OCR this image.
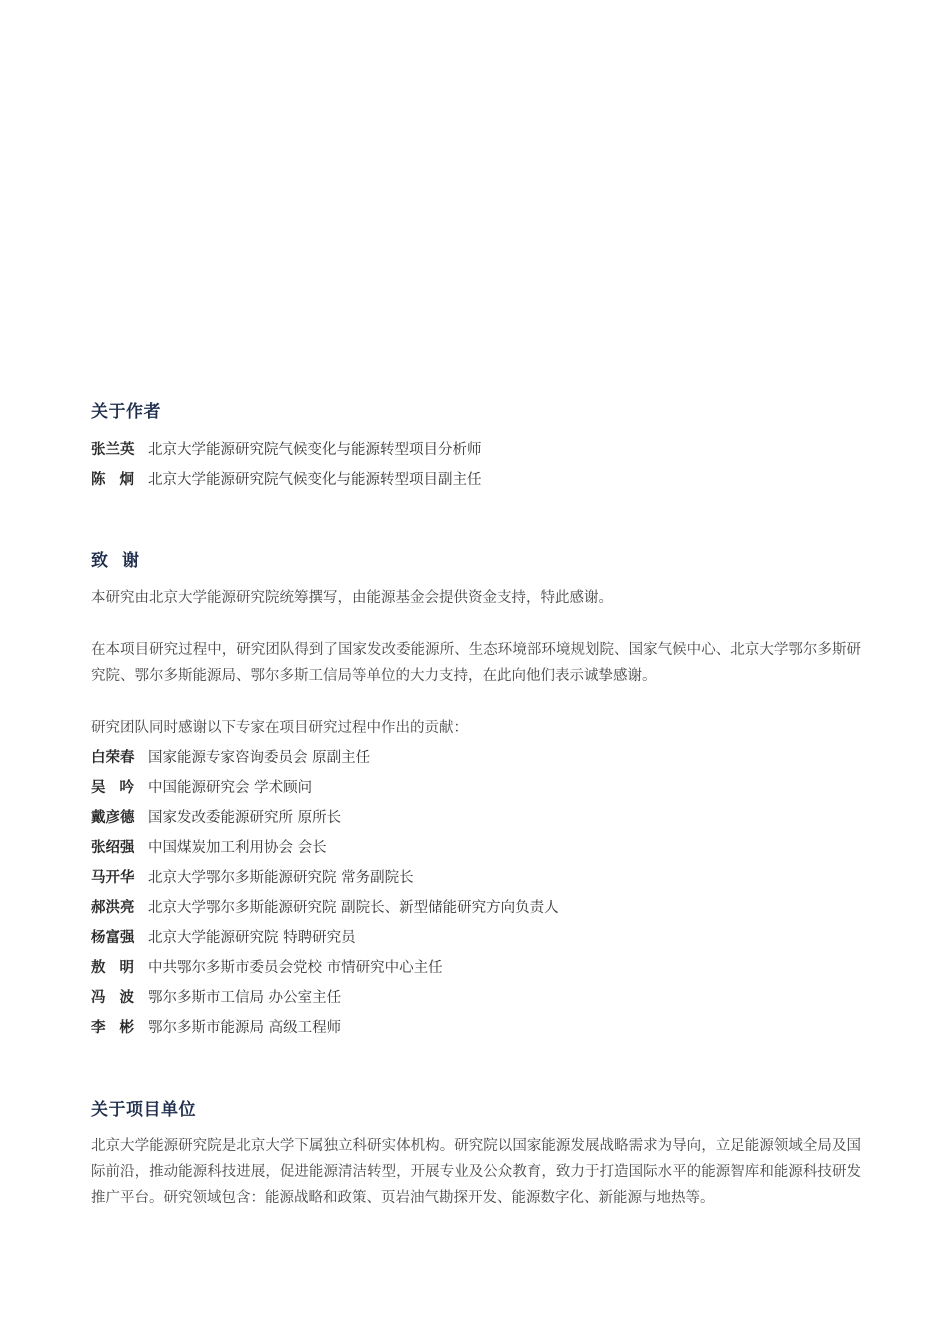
关于作者
张兰英 北京大学能源研究院气候变化与能源转型项目分析师
陈炯北京大学能源研究院气候变化与能源转型项目副主任
致谢
本研究由北京大学能源研究院统筹撰写，由能源基金会提供资金支持，特此感谢。
在本项目研究过程中，研究团队得到了国家发改委能源所、生态环境部环境规划院、国家气候中心、北京大学鄂尔多斯研究院、鄂尔多斯能源局、鄂尔多斯工信局等单位的大力支持，在此向他们表示诚挚感谢。
研究团队同时感谢以下专家在项目研究过程中作出的贡献：
白荣春 国家能源专家咨询委员会 原副主任
吴吟中国能源研究会 学术顾问
戴彦德 国家发改委能源研究所 原所长
张绍强 中国煤炭加工利用协会 会长
马开华 北京大学鄂尔多斯能源研究院 常务副院长
郝洪亮 北京大学鄂尔多斯能源研究院 副院长、新型储能研究方向负责人
杨富强 北京大学能源研究院 特聘研究员
敖明中共鄂尔多斯市委员会党校 市情研究中心主任
冯波鄂尔多斯市工信局 办公室主任
李彬鄂尔多斯市能源局 高级工程师
关于项目单位
北京大学能源研究院是北京大学下属独立科研实体机构。研究院以国家能源发展战略需求为导向，立足能源领域全局及国际前沿，推动能源科技进展，促进能源清洁转型，开展专业及公众教育，致力于打造国际水平的能源智库和能源科技研发推广平台。研究领域包含：能源战略和政策、页岩油气勘探开发、能源数字化、新能源与地热等。
